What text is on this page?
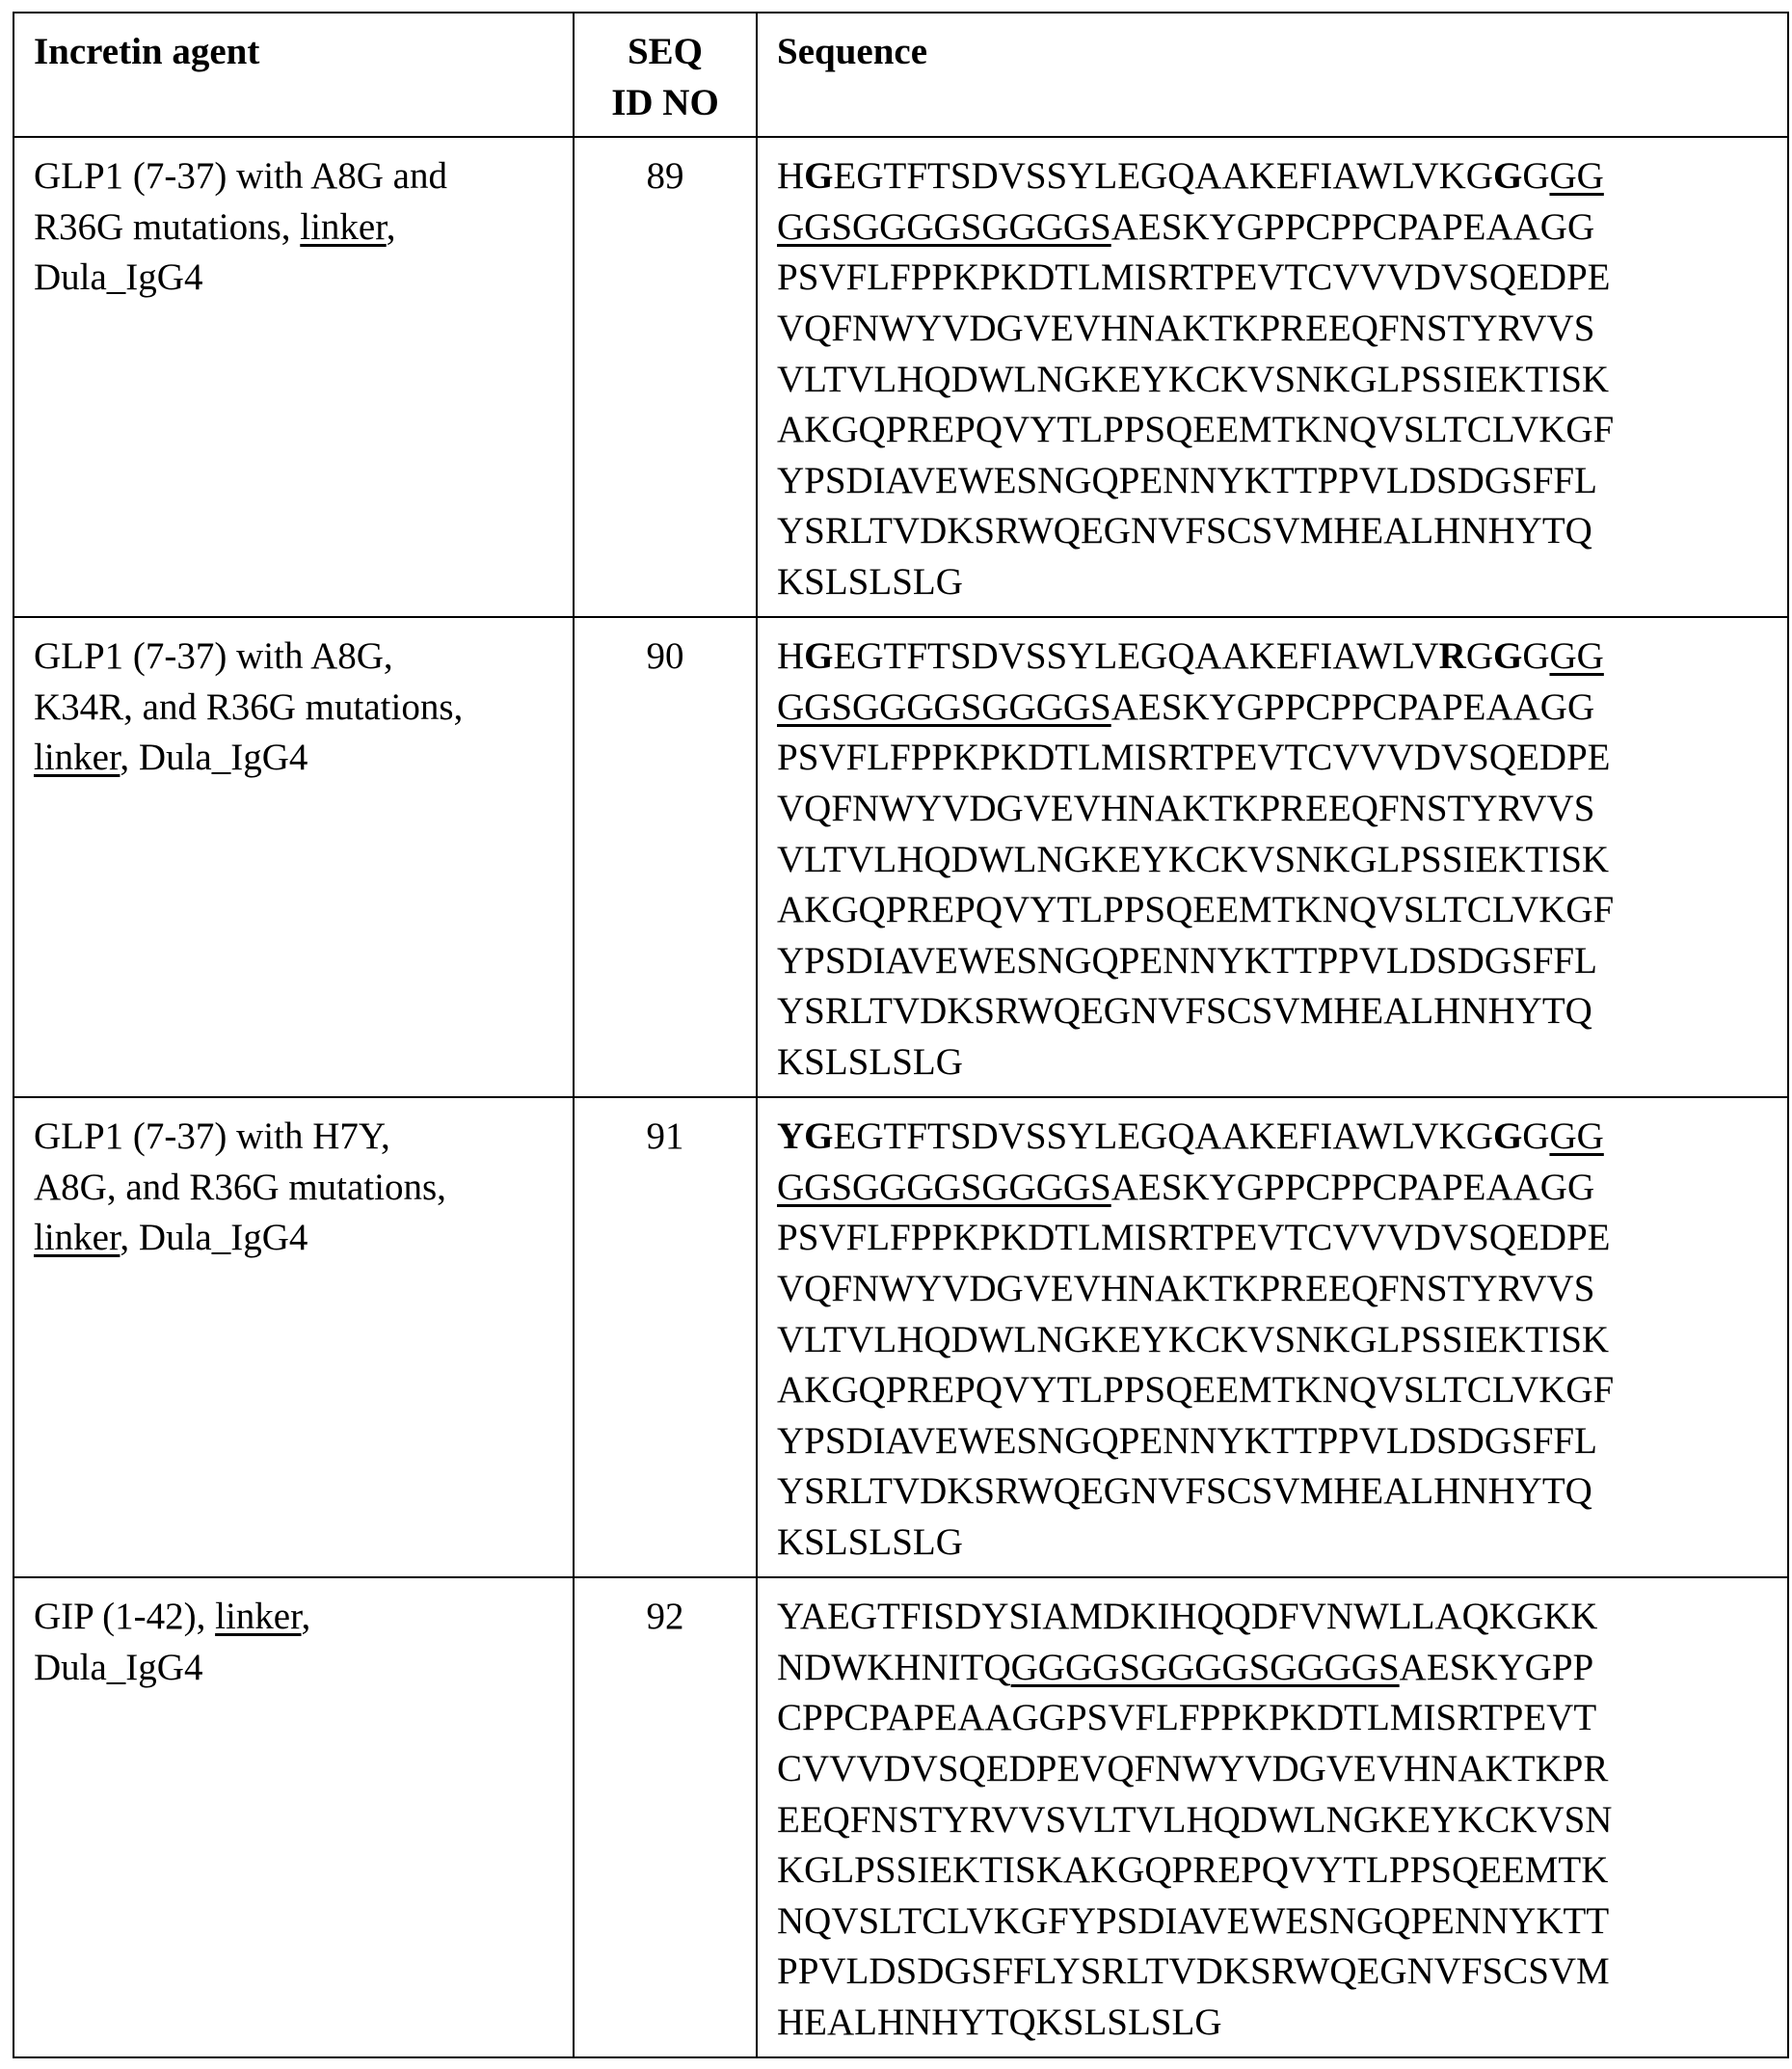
Incretin agent	SEQ
ID NO
	Sequence

GLP1 (7-37) with A8G and
R36G mutations, linker,
Dula_IgG4
	89	HGEGTFTSDVSSYLEGQAAKEFIAWLVKGGGGG
GGSGGGGSGGGGSAESKYGPPCPPCPAPEAAGG
PSVFLFPPKPKDTLMISRTPEVTCVVVDVSQEDPE
VQFNWYVDGVEVHNAKTKPREEQFNSTYRVVS
VLTVLHQDWLNGKEYKCKVSNKGLPSSIEKTISK
AKGQPREPQVYTLPPSQEEMTKNQVSLTCLVKGF
YPSDIAVEWESNGQPENNYKTTPPVLDSDGSFFL
YSRLTVDKSRWQEGNVFSCSVMHEALHNHYTQ
KSLSLSLG

GLP1 (7-37) with A8G,
K34R, and R36G mutations,
linker, Dula_IgG4
	90	HGEGTFTSDVSSYLEGQAAKEFIAWLVRGGGGG
GGSGGGGSGGGGSAESKYGPPCPPCPAPEAAGG
PSVFLFPPKPKDTLMISRTPEVTCVVVDVSQEDPE
VQFNWYVDGVEVHNAKTKPREEQFNSTYRVVS
VLTVLHQDWLNGKEYKCKVSNKGLPSSIEKTISK
AKGQPREPQVYTLPPSQEEMTKNQVSLTCLVKGF
YPSDIAVEWESNGQPENNYKTTPPVLDSDGSFFL
YSRLTVDKSRWQEGNVFSCSVMHEALHNHYTQ
KSLSLSLG

GLP1 (7-37) with H7Y,
A8G, and R36G mutations,
linker, Dula_IgG4
	91	YGEGTFTSDVSSYLEGQAAKEFIAWLVKGGGGG
GGSGGGGSGGGGSAESKYGPPCPPCPAPEAAGG
PSVFLFPPKPKDTLMISRTPEVTCVVVDVSQEDPE
VQFNWYVDGVEVHNAKTKPREEQFNSTYRVVS
VLTVLHQDWLNGKEYKCKVSNKGLPSSIEKTISK
AKGQPREPQVYTLPPSQEEMTKNQVSLTCLVKGF
YPSDIAVEWESNGQPENNYKTTPPVLDSDGSFFL
YSRLTVDKSRWQEGNVFSCSVMHEALHNHYTQ
KSLSLSLG

GIP (1-42), linker,
Dula_IgG4
	92	YAEGTFISDYSIAMDKIHQQDFVNWLLAQKGKK
NDWKHNITQGGGGSGGGGSGGGGSAESKYGPP
CPPCPAPEAAGGPSVFLFPPKPKDTLMISRTPEVT
CVVVDVSQEDPEVQFNWYVDGVEVHNAKTKPR
EEQFNSTYRVVSVLTVLHQDWLNGKEYKCKVSN
KGLPSSIEKTISKAKGQPREPQVYTLPPSQEEMTK
NQVSLTCLVKGFYPSDIAVEWESNGQPENNYKTT
PPVLDSDGSFFLYSRLTVDKSRWQEGNVFSCSVM
HEALHNHYTQKSLSLSLG
